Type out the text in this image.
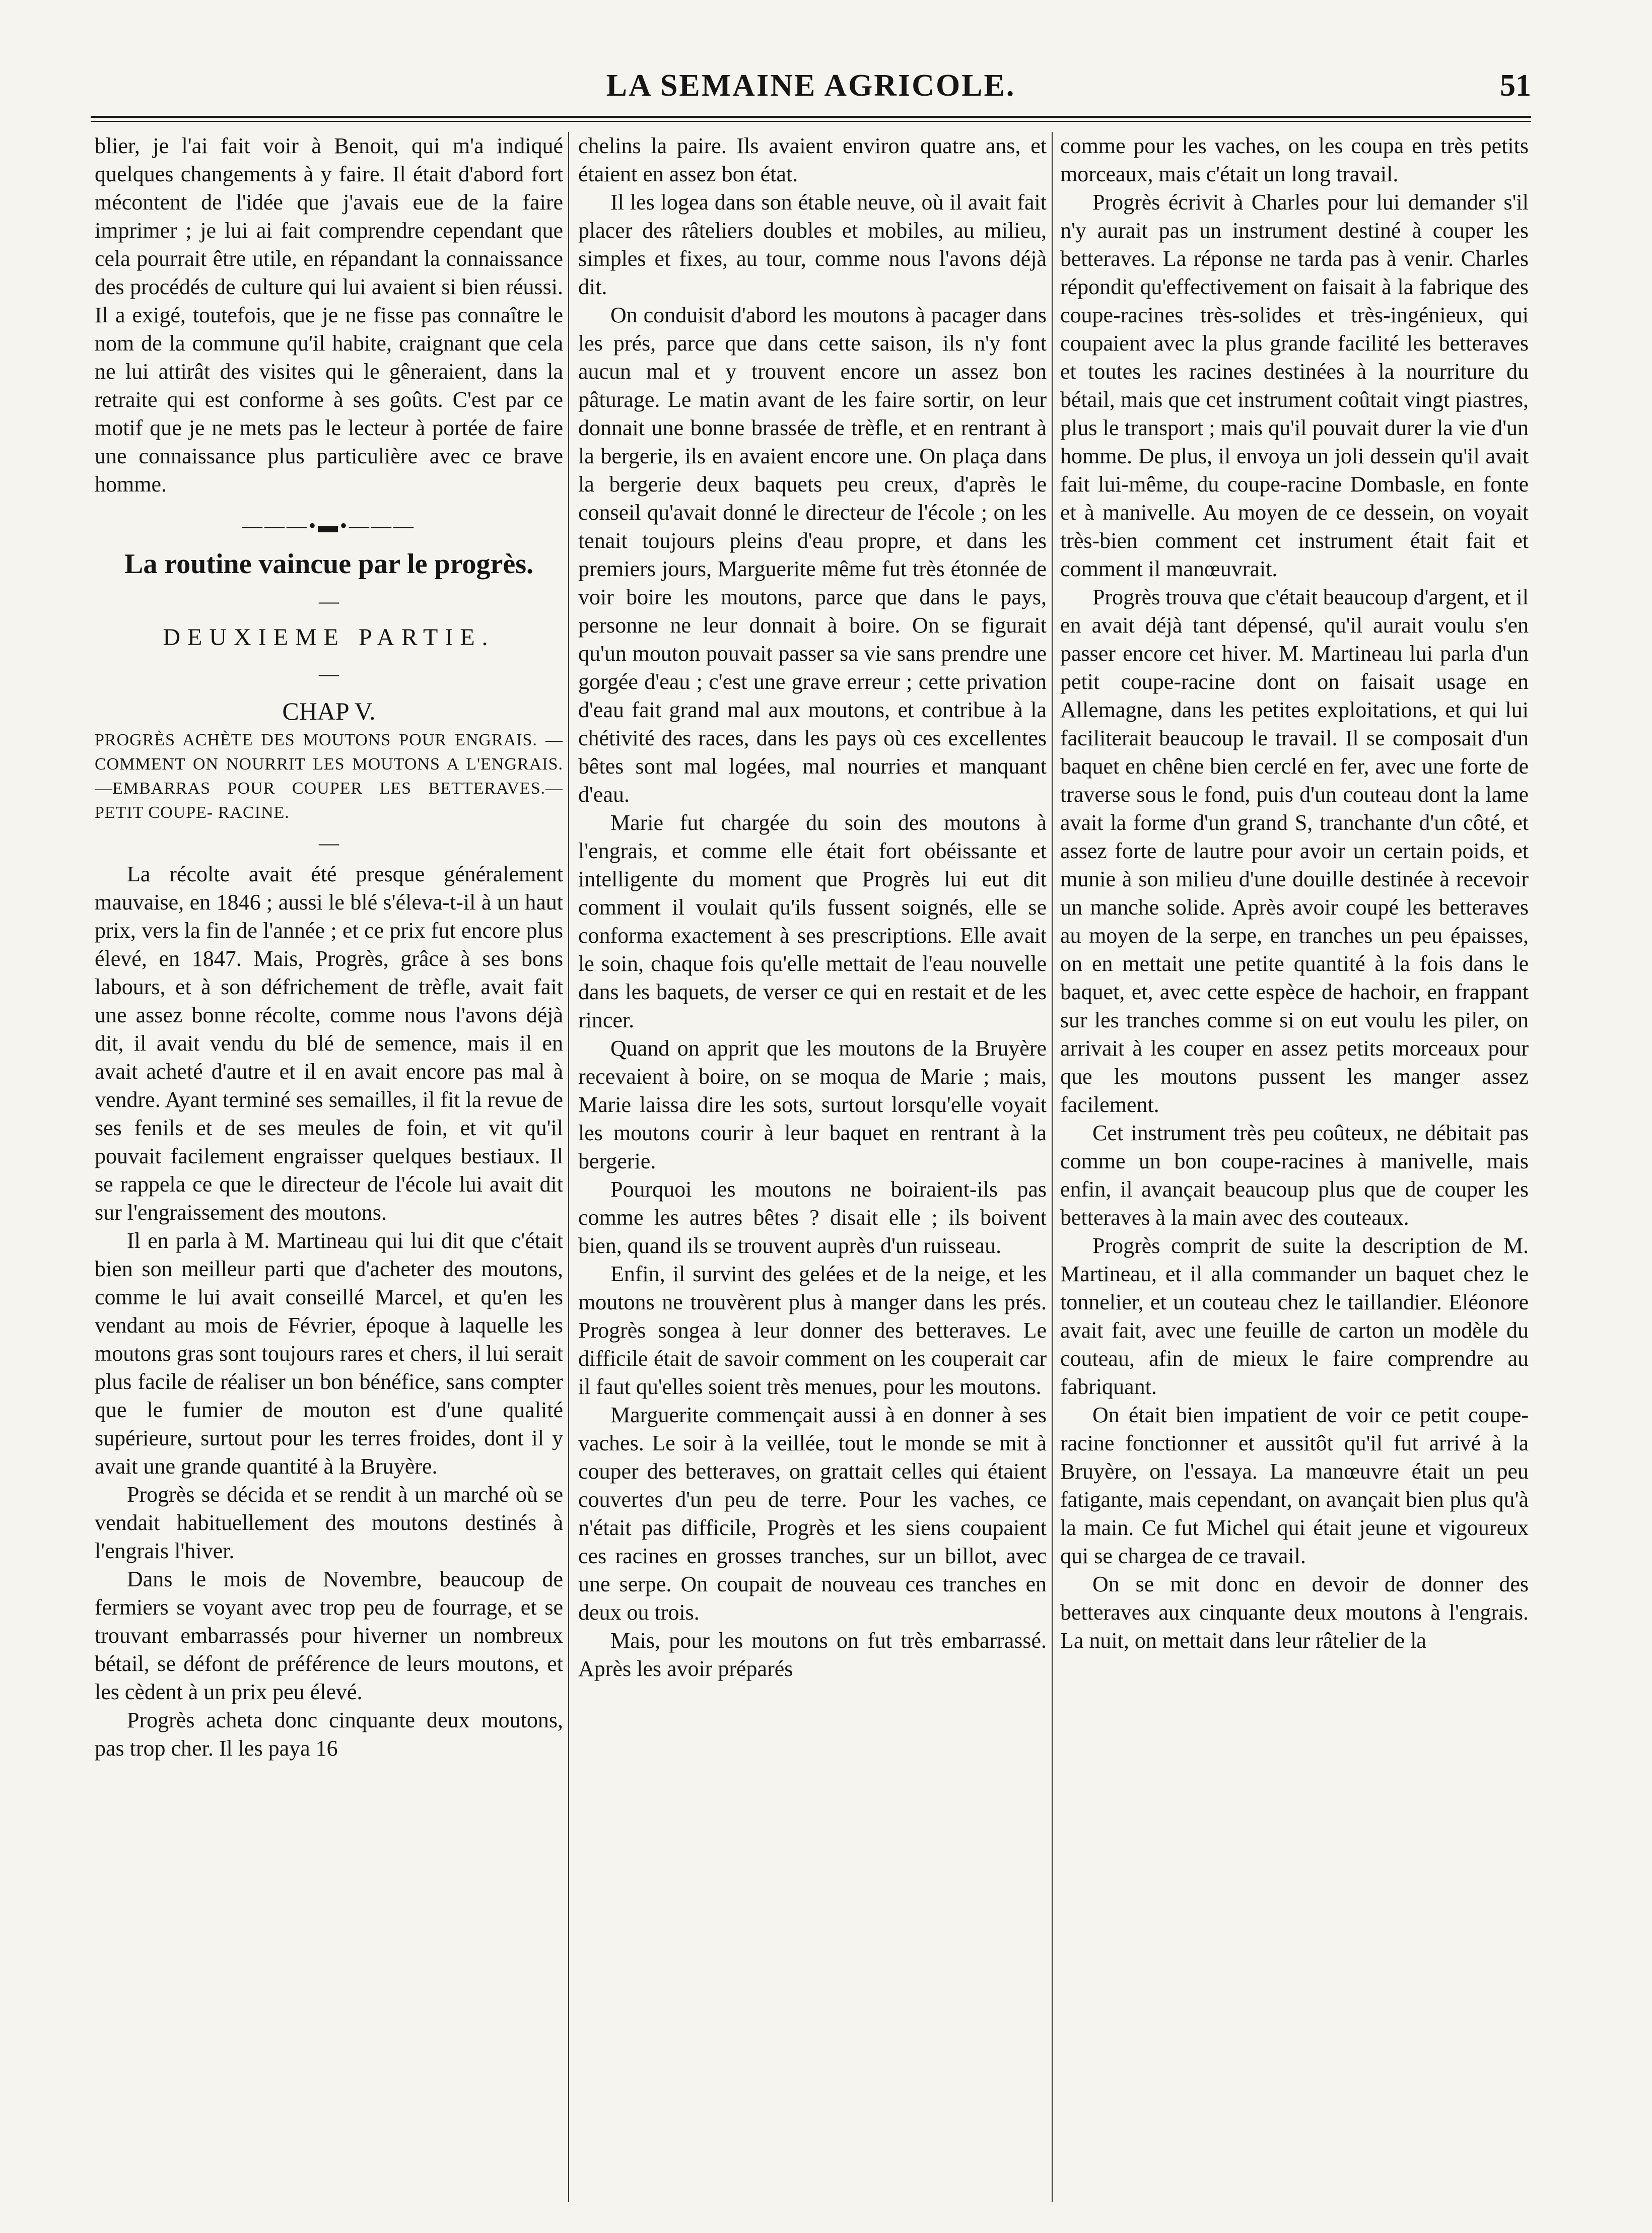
LA SEMAINE AGRICOLE.	51

blier, je l'ai fait voir à Benoit, qui m'a indiqué quelques changements à y faire. Il était d'abord fort mécontent de l'idée que j'avais eue de la faire imprimer ; je lui ai fait comprendre cependant que cela pourrait être utile, en répandant la connaissance des procédés de culture qui lui avaient si bien réussi. Il a exigé, toutefois, que je ne fisse pas connaître le nom de la commune qu'il habite, craignant que cela ne lui attirât des visites qui le gêneraient, dans la retraite qui est conforme à ses goûts. C'est par ce motif que je ne mets pas le lecteur à portée de faire une connaissance plus particulière avec ce brave homme.

———•▬•———
La routine vaincue par le progrès.
—
DEUXIEME PARTIE.
—
CHAP V.
PROGRÈS ACHÈTE DES MOUTONS POUR ENGRAIS. — COMMENT ON NOURRIT LES MOUTONS A L'ENGRAIS.—EMBARRAS POUR COUPER LES BETTERAVES.—PETIT COUPE- RACINE.
—

La récolte avait été presque généralement mauvaise, en 1846 ; aussi le blé s'éleva-t-il à un haut prix, vers la fin de l'année ; et ce prix fut encore plus élevé, en 1847. Mais, Progrès, grâce à ses bons labours, et à son défrichement de trèfle, avait fait une assez bonne récolte, comme nous l'avons déjà dit, il avait vendu du blé de semence, mais il en avait acheté d'autre et il en avait encore pas mal à vendre. Ayant terminé ses semailles, il fit la revue de ses fenils et de ses meules de foin, et vit qu'il pouvait facilement engraisser quelques bestiaux. Il se rappela ce que le directeur de l'école lui avait dit sur l'engraissement des moutons.

Il en parla à M. Martineau qui lui dit que c'était bien son meilleur parti que d'acheter des moutons, comme le lui avait conseillé Marcel, et qu'en les vendant au mois de Février, époque à laquelle les moutons gras sont toujours rares et chers, il lui serait plus facile de réaliser un bon bénéfice, sans compter que le fumier de mouton est d'une qualité supérieure, surtout pour les terres froides, dont il y avait une grande quantité à la Bruyère.

Progrès se décida et se rendit à un marché où se vendait habituellement des moutons destinés à l'engrais l'hiver.

Dans le mois de Novembre, beaucoup de fermiers se voyant avec trop peu de fourrage, et se trouvant embarrassés pour hiverner un nombreux bétail, se défont de préférence de leurs moutons, et les cèdent à un prix peu élevé.

Progrès acheta donc cinquante deux moutons, pas trop cher. Il les paya 16

chelins la paire. Ils avaient environ quatre ans, et étaient en assez bon état.

Il les logea dans son étable neuve, où il avait fait placer des râteliers doubles et mobiles, au milieu, simples et fixes, au tour, comme nous l'avons déjà dit.

On conduisit d'abord les moutons à pacager dans les prés, parce que dans cette saison, ils n'y font aucun mal et y trouvent encore un assez bon pâturage. Le matin avant de les faire sortir, on leur donnait une bonne brassée de trèfle, et en rentrant à la bergerie, ils en avaient encore une. On plaça dans la bergerie deux baquets peu creux, d'après le conseil qu'avait donné le directeur de l'école ; on les tenait toujours pleins d'eau propre, et dans les premiers jours, Marguerite même fut très étonnée de voir boire les moutons, parce que dans le pays, personne ne leur donnait à boire. On se figurait qu'un mouton pouvait passer sa vie sans prendre une gorgée d'eau ; c'est une grave erreur ; cette privation d'eau fait grand mal aux moutons, et contribue à la chétivité des races, dans les pays où ces excellentes bêtes sont mal logées, mal nourries et manquant d'eau.

Marie fut chargée du soin des moutons à l'engrais, et comme elle était fort obéissante et intelligente du moment que Progrès lui eut dit comment il voulait qu'ils fussent soignés, elle se conforma exactement à ses prescriptions. Elle avait le soin, chaque fois qu'elle mettait de l'eau nouvelle dans les baquets, de verser ce qui en restait et de les rincer.

Quand on apprit que les moutons de la Bruyère recevaient à boire, on se moqua de Marie ; mais, Marie laissa dire les sots, surtout lorsqu'elle voyait les moutons courir à leur baquet en rentrant à la bergerie.

Pourquoi les moutons ne boiraient-ils pas comme les autres bêtes ? disait elle ; ils boivent bien, quand ils se trouvent auprès d'un ruisseau.

Enfin, il survint des gelées et de la neige, et les moutons ne trouvèrent plus à manger dans les prés. Progrès songea à leur donner des betteraves. Le difficile était de savoir comment on les couperait car il faut qu'elles soient très menues, pour les moutons.

Marguerite commençait aussi à en donner à ses vaches. Le soir à la veillée, tout le monde se mit à couper des betteraves, on grattait celles qui étaient couvertes d'un peu de terre. Pour les vaches, ce n'était pas difficile, Progrès et les siens coupaient ces racines en grosses tranches, sur un billot, avec une serpe. On coupait de nouveau ces tranches en deux ou trois.

Mais, pour les moutons on fut très embarrassé. Après les avoir préparés

comme pour les vaches, on les coupa en très petits morceaux, mais c'était un long travail.

Progrès écrivit à Charles pour lui demander s'il n'y aurait pas un instrument destiné à couper les betteraves. La réponse ne tarda pas à venir. Charles répondit qu'effectivement on faisait à la fabrique des coupe-racines très-solides et très-ingénieux, qui coupaient avec la plus grande facilité les betteraves et toutes les racines destinées à la nourriture du bétail, mais que cet instrument coûtait vingt piastres, plus le transport ; mais qu'il pouvait durer la vie d'un homme. De plus, il envoya un joli dessein qu'il avait fait lui-même, du coupe-racine Dombasle, en fonte et à manivelle. Au moyen de ce dessein, on voyait très-bien comment cet instrument était fait et comment il manœuvrait.

Progrès trouva que c'était beaucoup d'argent, et il en avait déjà tant dépensé, qu'il aurait voulu s'en passer encore cet hiver. M. Martineau lui parla d'un petit coupe-racine dont on faisait usage en Allemagne, dans les petites exploitations, et qui lui faciliterait beaucoup le travail. Il se composait d'un baquet en chêne bien cerclé en fer, avec une forte de traverse sous le fond, puis d'un couteau dont la lame avait la forme d'un grand S, tranchante d'un côté, et assez forte de lautre pour avoir un certain poids, et munie à son milieu d'une douille destinée à recevoir un manche solide. Après avoir coupé les betteraves au moyen de la serpe, en tranches un peu épaisses, on en mettait une petite quantité à la fois dans le baquet, et, avec cette espèce de hachoir, en frappant sur les tranches comme si on eut voulu les piler, on arrivait à les couper en assez petits morceaux pour que les moutons pussent les manger assez facilement.

Cet instrument très peu coûteux, ne débitait pas comme un bon coupe-racines à manivelle, mais enfin, il avançait beaucoup plus que de couper les betteraves à la main avec des couteaux.

Progrès comprit de suite la description de M. Martineau, et il alla commander un baquet chez le tonnelier, et un couteau chez le taillandier. Eléonore avait fait, avec une feuille de carton un modèle du couteau, afin de mieux le faire comprendre au fabriquant.

On était bien impatient de voir ce petit coupe-racine fonctionner et aussitôt qu'il fut arrivé à la Bruyère, on l'essaya. La manœuvre était un peu fatigante, mais cependant, on avançait bien plus qu'à la main. Ce fut Michel qui était jeune et vigoureux qui se chargea de ce travail.

On se mit donc en devoir de donner des betteraves aux cinquante deux moutons à l'engrais. La nuit, on mettait dans leur râtelier de la
